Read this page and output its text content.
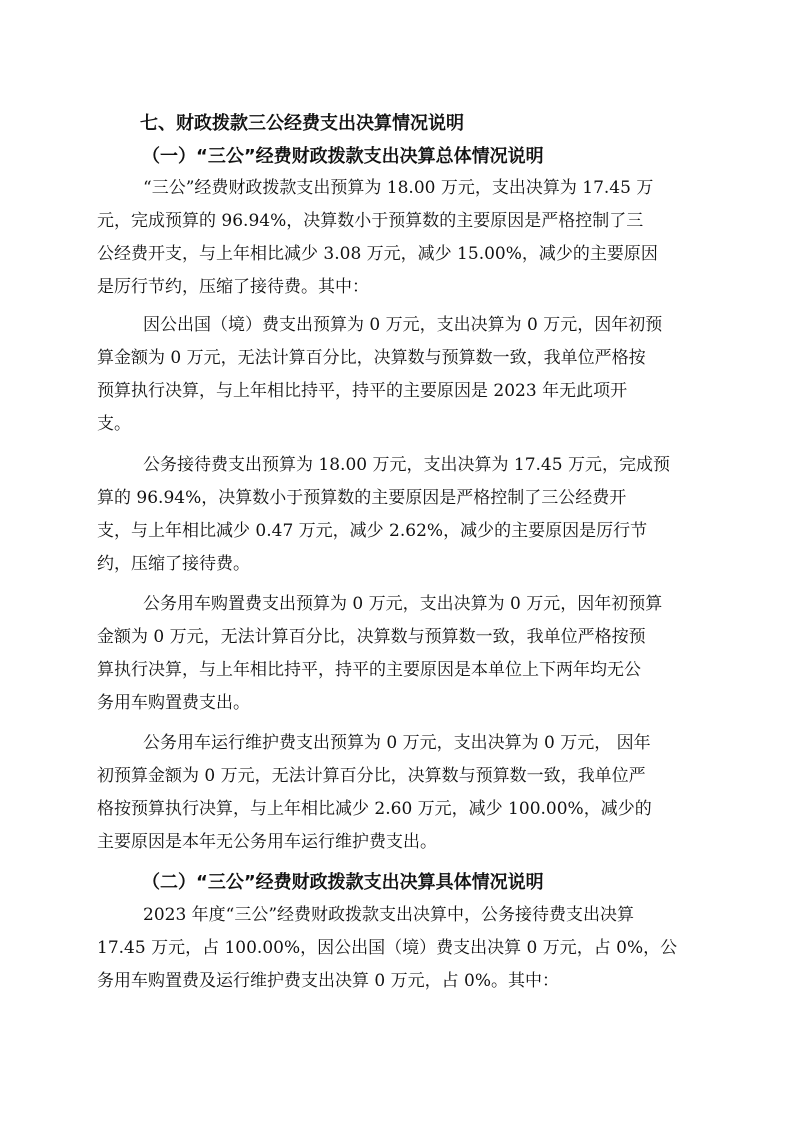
七、财政拨款三公经费支出决算情况说明
（一）“三公”经费财政拨款支出决算总体情况说明

“三公”经费财政拨款支出预算为 18.00 万元，支出决算为 17.45 万
元，完成预算的 96.94%，决算数小于预算数的主要原因是严格控制了三
公经费开支，与上年相比减少 3.08 万元，减少 15.00%，减少的主要原因
是厉行节约，压缩了接待费。其中：

因公出国（境）费支出预算为 0 万元，支出决算为 0 万元，因年初预
算金额为 0 万元，无法计算百分比，决算数与预算数一致，我单位严格按
预算执行决算，与上年相比持平，持平的主要原因是 2023 年无此项开
支。

公务接待费支出预算为 18.00 万元，支出决算为 17.45 万元，完成预
算的 96.94%，决算数小于预算数的主要原因是严格控制了三公经费开
支，与上年相比减少 0.47 万元，减少 2.62%，减少的主要原因是厉行节
约，压缩了接待费。

公务用车购置费支出预算为 0 万元，支出决算为 0 万元，因年初预算
金额为 0 万元，无法计算百分比，决算数与预算数一致，我单位严格按预
算执行决算，与上年相比持平，持平的主要原因是本单位上下两年均无公
务用车购置费支出。

公务用车运行维护费支出预算为 0 万元，支出决算为 0 万元， 因年
初预算金额为 0 万元，无法计算百分比，决算数与预算数一致，我单位严
格按预算执行决算，与上年相比减少 2.60 万元，减少 100.00%，减少的
主要原因是本年无公务用车运行维护费支出。

（二）“三公”经费财政拨款支出决算具体情况说明

2023 年度“三公”经费财政拨款支出决算中，公务接待费支出决算
17.45 万元，占 100.00%，因公出国（境）费支出决算 0 万元，占 0%，公
务用车购置费及运行维护费支出决算 0 万元，占 0%。其中：
